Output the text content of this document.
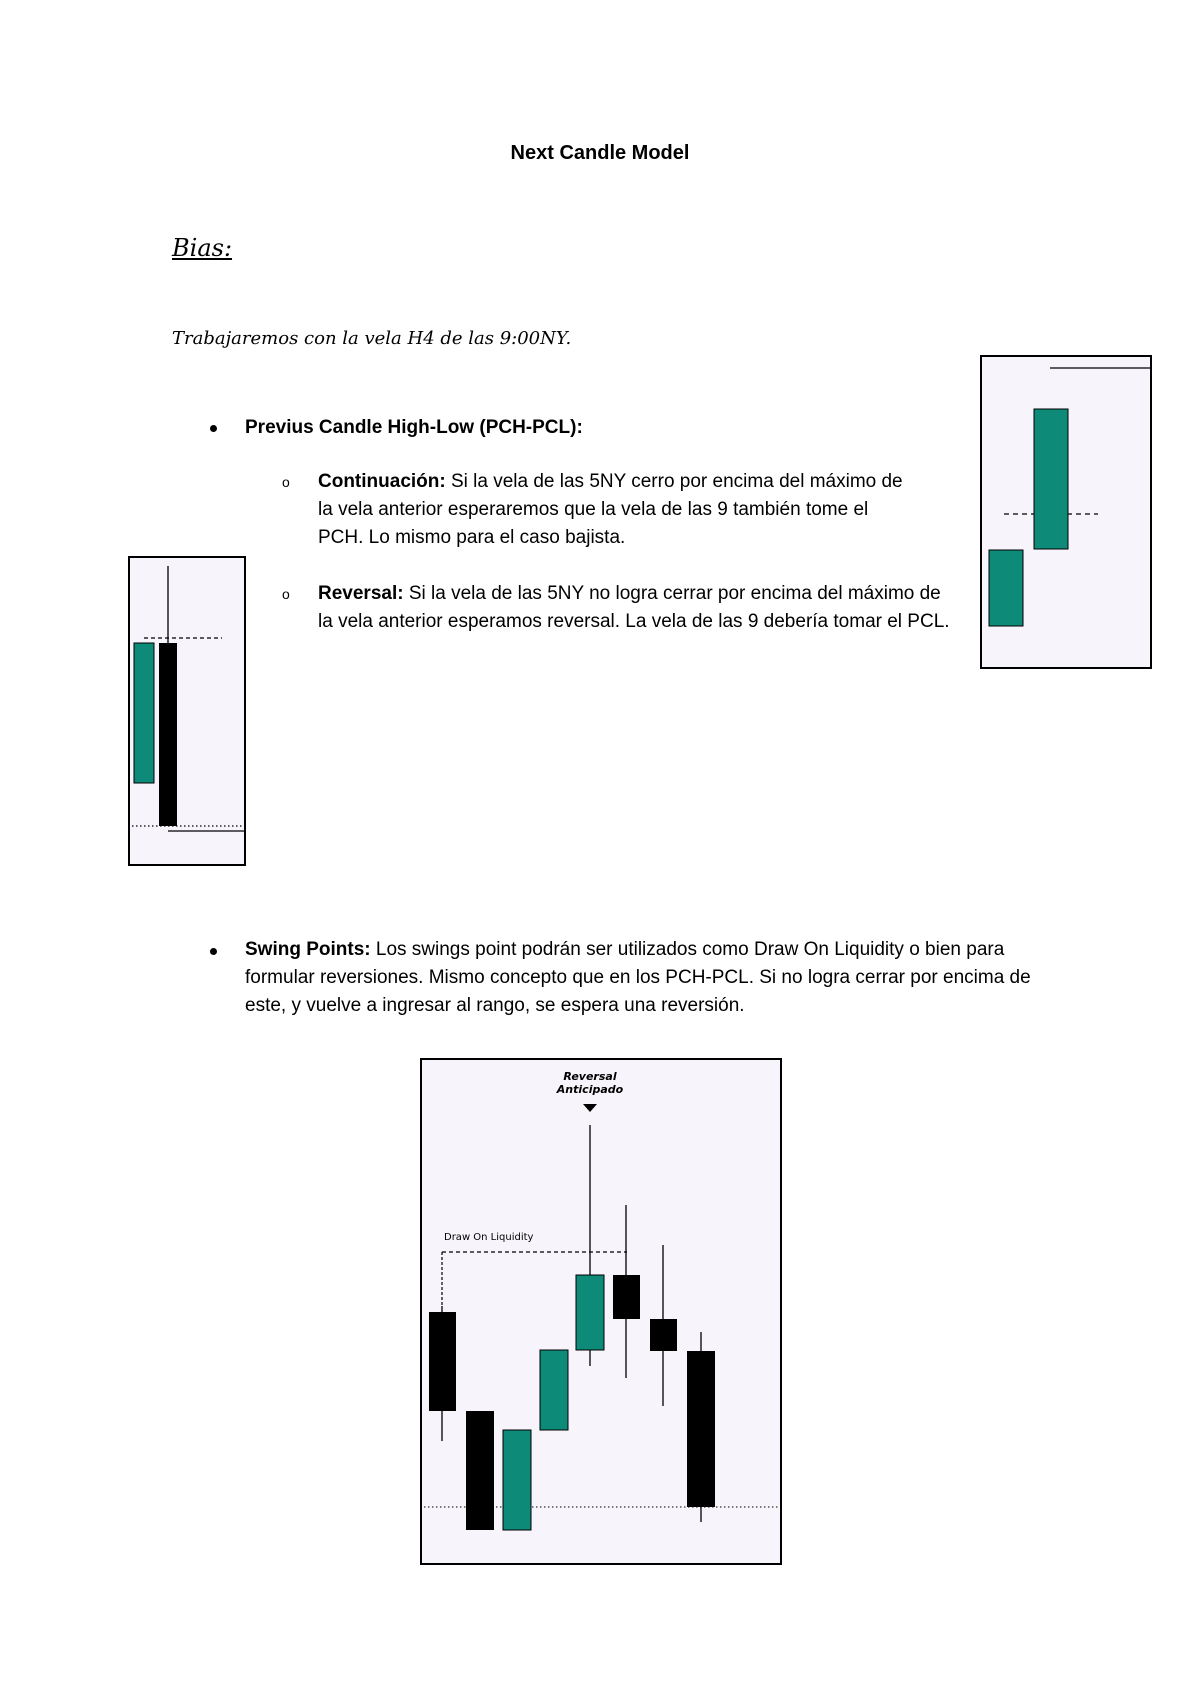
Next Candle Model
Bias:
Trabajaremos con la vela H4 de las 9:00NY.
Previus Candle High-Low (PCH-PCL):
o Continuación: Si la vela de las 5NY cerro por encima del máximo de la vela anterior esperaremos que la vela de las 9 también tome el PCH. Lo mismo para el caso bajista.
o Reversal: Si la vela de las 5NY no logra cerrar por encima del máximo de la vela anterior esperamos reversal. La vela de las 9 debería tomar el PCL.
Swing Points: Los swings point podrán ser utilizados como Draw On Liquidity o bien para formular reversiones. Mismo concepto que en los PCH-PCL. Si no logra cerrar por encima de este, y vuelve a ingresar al rango, se espera una reversión.
Reversal
Anticipado
Draw On Liquidity
